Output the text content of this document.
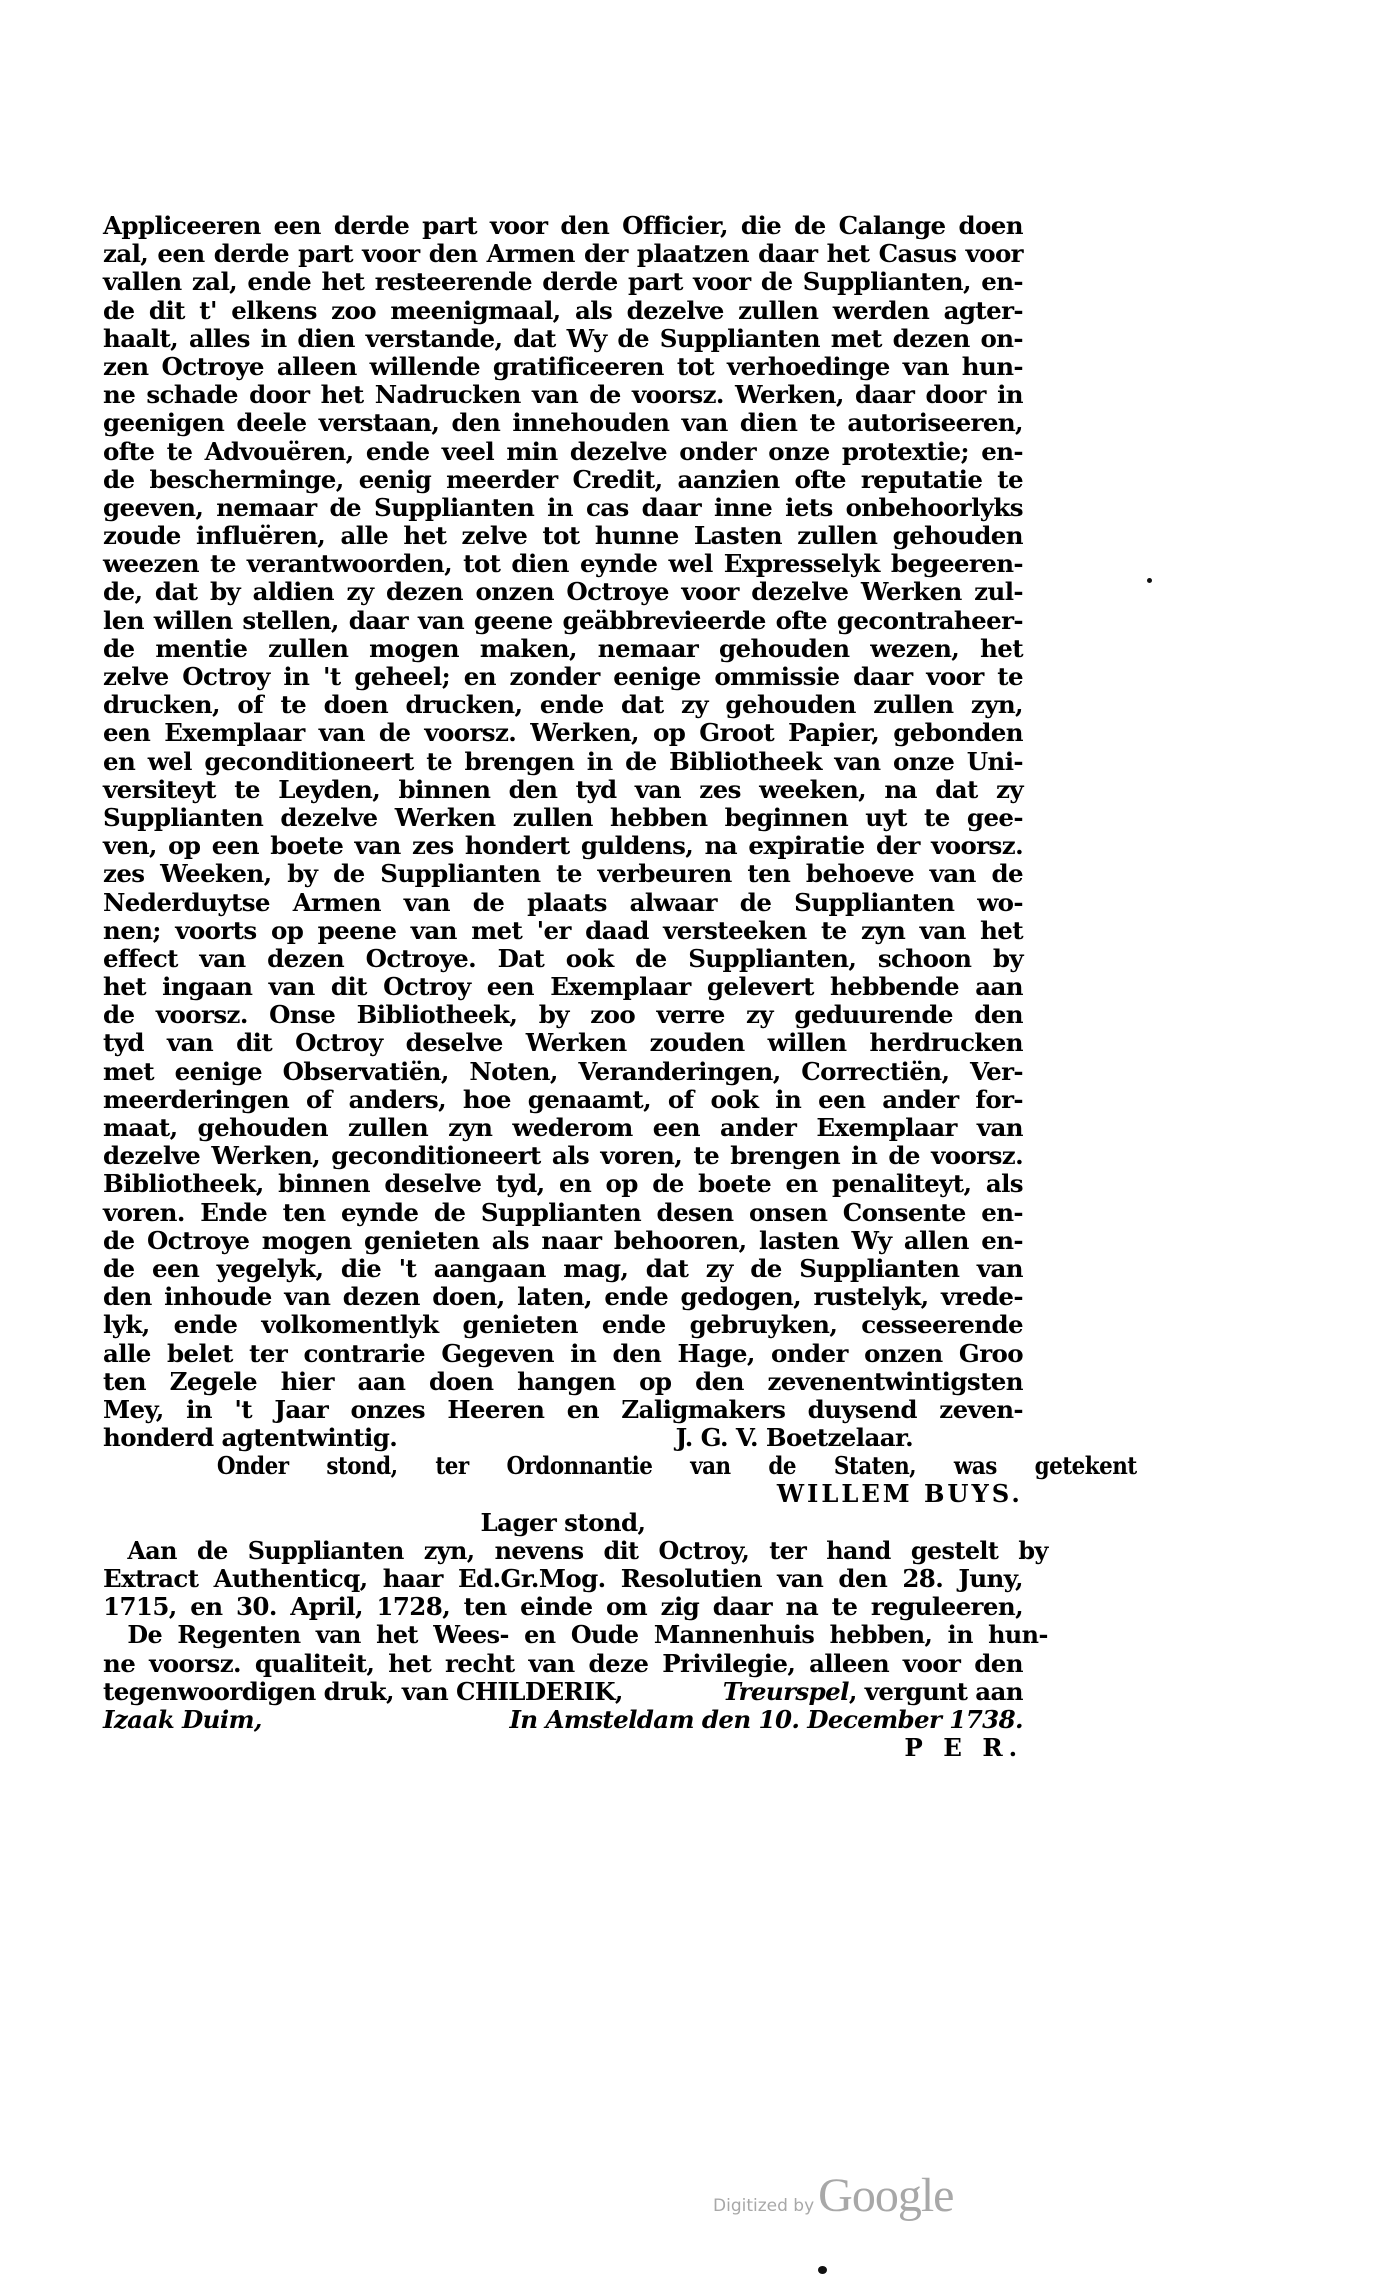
Appliceeren een derde part voor den Officier, die de Calange doen
zal, een derde part voor den Armen der plaatzen daar het Casus voor
vallen zal, ende het resteerende derde part voor de Supplianten, en-
de dit t' elkens zoo meenigmaal, als dezelve zullen werden agter-
haalt, alles in dien verstande, dat Wy de Supplianten met dezen on-
zen Octroye alleen willende gratificeeren tot verhoedinge van hun-
ne schade door het Nadrucken van de voorsz. Werken, daar door in
geenigen deele verstaan, den innehouden van dien te autoriseeren,
ofte te Advouëren, ende veel min dezelve onder onze protextie; en-
de bescherminge, eenig meerder Credit, aanzien ofte reputatie te
geeven, nemaar de Supplianten in cas daar inne iets onbehoorlyks
zoude influëren, alle het zelve tot hunne Lasten zullen gehouden
weezen te verantwoorden, tot dien eynde wel Expresselyk begeeren-
de, dat by aldien zy dezen onzen Octroye voor dezelve Werken zul-
len willen stellen, daar van geene geäbbrevieerde ofte gecontraheer-
de mentie zullen mogen maken, nemaar gehouden wezen, het
zelve Octroy in 't geheel; en zonder eenige ommissie daar voor te
drucken, of te doen drucken, ende dat zy gehouden zullen zyn,
een Exemplaar van de voorsz. Werken, op Groot Papier, gebonden
en wel geconditioneert te brengen in de Bibliotheek van onze Uni-
versiteyt te Leyden, binnen den tyd van zes weeken, na dat zy
Supplianten dezelve Werken zullen hebben beginnen uyt te gee-
ven, op een boete van zes hondert guldens, na expiratie der voorsz.
zes Weeken, by de Supplianten te verbeuren ten behoeve van de
Nederduytse Armen van de plaats alwaar de Supplianten wo-
nen; voorts op peene van met 'er daad versteeken te zyn van het
effect van dezen Octroye. Dat ook de Supplianten, schoon by
het ingaan van dit Octroy een Exemplaar gelevert hebbende aan
de voorsz. Onse Bibliotheek, by zoo verre zy geduurende den
tyd van dit Octroy deselve Werken zouden willen herdrucken
met eenige Observatiën, Noten, Veranderingen, Correctiën, Ver-
meerderingen of anders, hoe genaamt, of ook in een ander for-
maat, gehouden zullen zyn wederom een ander Exemplaar van
dezelve Werken, geconditioneert als voren, te brengen in de voorsz.
Bibliotheek, binnen deselve tyd, en op de boete en penaliteyt, als
voren. Ende ten eynde de Supplianten desen onsen Consente en-
de Octroye mogen genieten als naar behooren, lasten Wy allen en-
de een yegelyk, die 't aangaan mag, dat zy de Supplianten van
den inhoude van dezen doen, laten, ende gedogen, rustelyk, vrede-
lyk, ende volkomentlyk genieten ende gebruyken, cesseerende
alle belet ter contrarie Gegeven in den Hage, onder onzen Groo
ten Zegele hier aan doen hangen op den zevenentwintigsten
Mey, in 't Jaar onzes Heeren en Zaligmakers duysend zeven-
honderd agtentwintig.	J. G. V. Boetzelaar.
Onder stond, ter Ordonnantie van de Staten, was getekent
WILLEM BUYS.
Lager stond,
Aan de Supplianten zyn, nevens dit Octroy, ter hand gestelt by
Extract Authenticq, haar Ed.Gr.Mog. Resolutien van den 28. Juny,
1715, en 30. April, 1728, ten einde om zig daar na te reguleeren,
De Regenten van het Wees- en Oude Mannenhuis hebben, in hun-
ne voorsz. qualiteit, het recht van deze Privilegie, alleen voor den
tegenwoordigen druk, van CHILDERIK,	Treurspel, vergunt aan
Izaak Duim,	In Amsteldam den 10. December 1738.
P E R.
Digitized by Google
